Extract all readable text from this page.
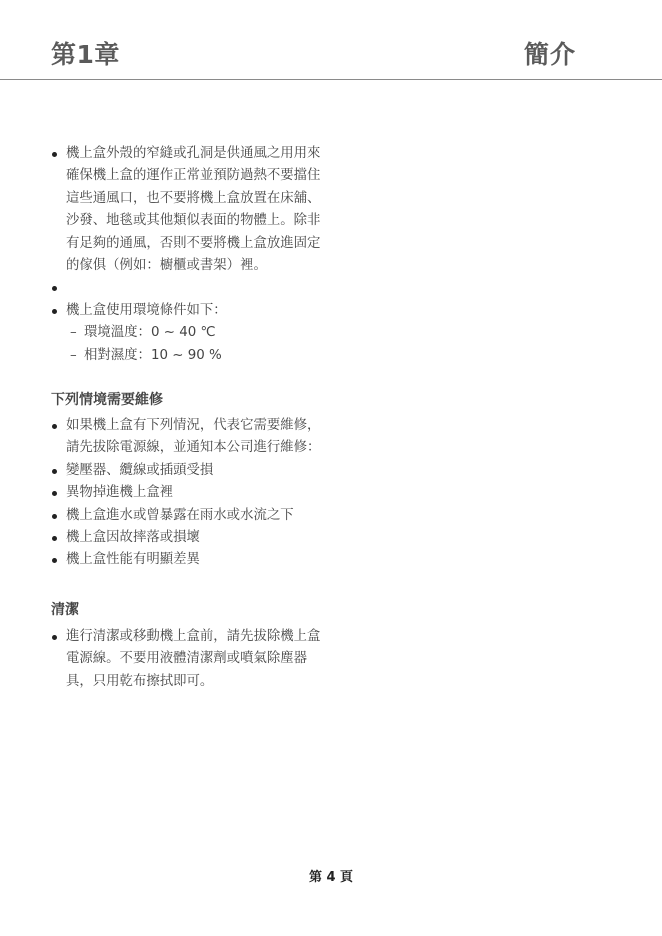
第1章	簡介
機上盒外殼的窄縫或孔洞是供通風之用用來確保機上盒的運作正常並預防過熱不要擋住這些通風口，也不要將機上盒放置在床舖、沙發、地毯或其他類似表面的物體上。除非有足夠的通風，否則不要將機上盒放進固定的傢俱（例如：櫥櫃或書架）裡。
機上盒使用環境條件如下：
– 環境溫度：0 ~ 40 ℃
– 相對濕度：10 ~ 90 %
下列情境需要維修
如果機上盒有下列情況，代表它需要維修，請先拔除電源線，並通知本公司進行維修：
變壓器、纜線或插頭受損
異物掉進機上盒裡
機上盒進水或曾暴露在雨水或水流之下
機上盒因故摔落或損壞
機上盒性能有明顯差異
清潔
進行清潔或移動機上盒前，請先拔除機上盒電源線。不要用液體清潔劑或噴氣除塵器具，只用乾布擦拭即可。
第 4 頁
